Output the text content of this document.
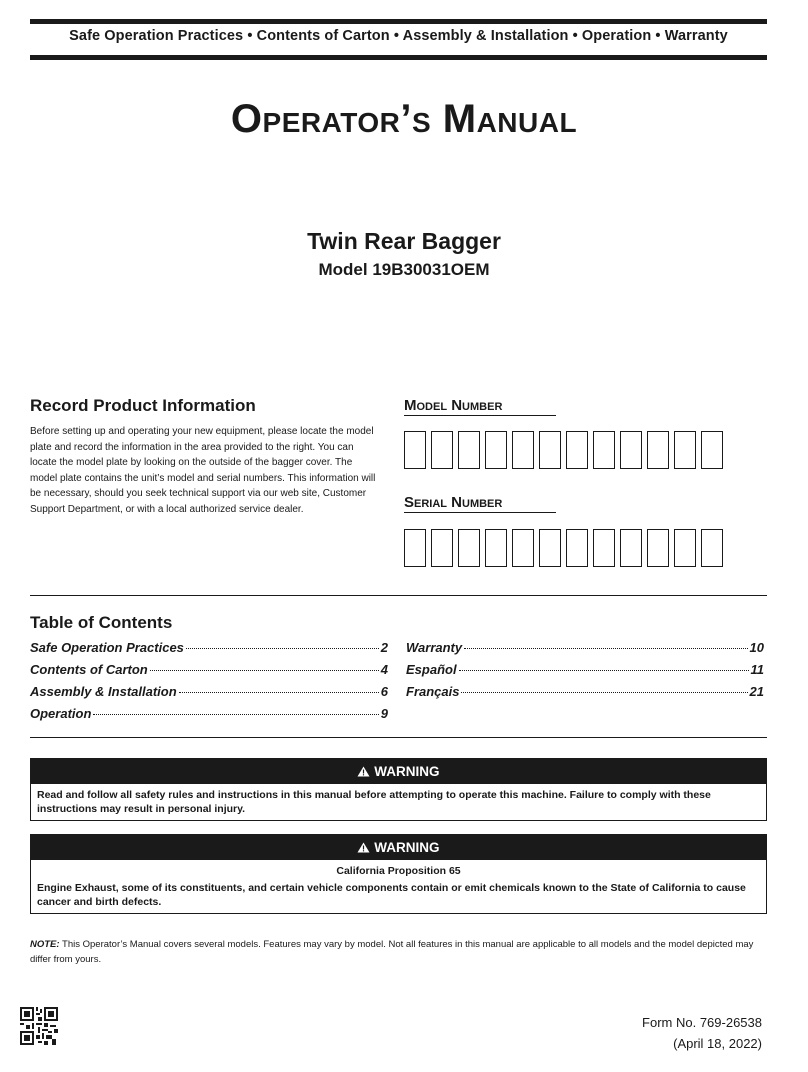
Safe Operation Practices • Contents of Carton • Assembly & Installation • Operation • Warranty
Operator’s Manual
Twin Rear Bagger
Model 19B30031OEM
Record Product Information
Before setting up and operating your new equipment, please locate the model plate and record the information in the area provided to the right. You can locate the model plate by looking on the outside of the bagger cover. The model plate contains the unit’s model and serial numbers. This information will be necessary, should you seek technical support via our web site, Customer Support Department, or with a local authorized service dealer.
Model Number
Serial Number
Table of Contents
Safe Operation Practices	2
Contents of Carton	4
Assembly & Installation	6
Operation	9
Warranty	10
Español	11
Français	21
WARNING
Read and follow all safety rules and instructions in this manual before attempting to operate this machine. Failure to comply with these instructions may result in personal injury.
WARNING
California Proposition 65
Engine Exhaust, some of its constituents, and certain vehicle components contain or emit chemicals known to the State of California to cause cancer and birth defects.
NOTE: This Operator’s Manual covers several models. Features may vary by model. Not all features in this manual are applicable to all models and the model depicted may differ from yours.
Form No. 769-26538
(April 18, 2022)
